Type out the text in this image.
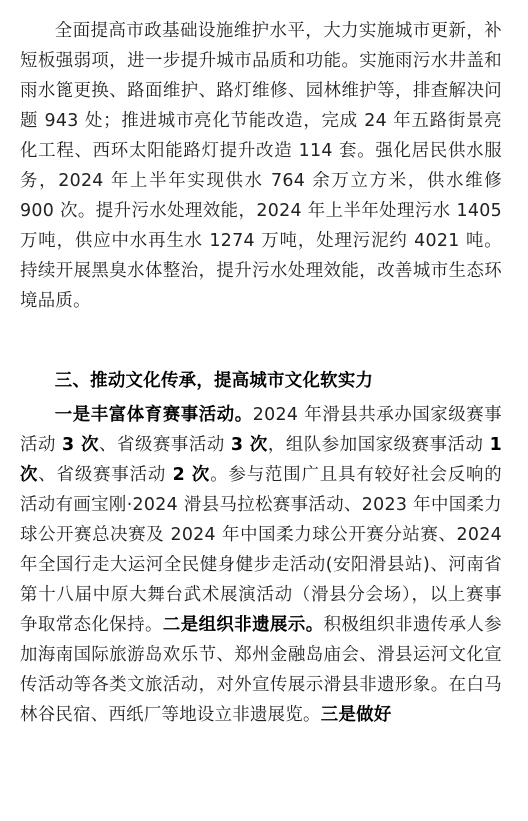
全面提高市政基础设施维护水平，大力实施城市更新，补短板强弱项，进一步提升城市品质和功能。实施雨污水井盖和雨水篦更换、路面维护、路灯维修、园林维护等，排查解决问题 943 处；推进城市亮化节能改造，完成 24 年五路街景亮化工程、西环太阳能路灯提升改造 114 套。强化居民供水服务，2024 年上半年实现供水 764 余万立方米，供水维修 900 次。提升污水处理效能，2024 年上半年处理污水 1405 万吨，供应中水再生水 1274 万吨，处理污泥约 4021 吨。持续开展黑臭水体整治，提升污水处理效能，改善城市生态环境品质。

三、推动文化传承，提高城市文化软实力

一是丰富体育赛事活动。2024 年滑县共承办国家级赛事活动 3 次、省级赛事活动 3 次，组队参加国家级赛事活动 1 次、省级赛事活动 2 次。参与范围广且具有较好社会反响的活动有画宝刚·2024 滑县马拉松赛事活动、2023 年中国柔力球公开赛总决赛及 2024 年中国柔力球公开赛分站赛、2024 年全国行走大运河全民健身健步走活动(安阳滑县站)、河南省第十八届中原大舞台武术展演活动（滑县分会场），以上赛事争取常态化保持。二是组织非遗展示。积极组织非遗传承人参加海南国际旅游岛欢乐节、郑州金融岛庙会、滑县运河文化宣传活动等各类文旅活动，对外宣传展示滑县非遗形象。在白马林谷民宿、西纸厂等地设立非遗展览。三是做好
